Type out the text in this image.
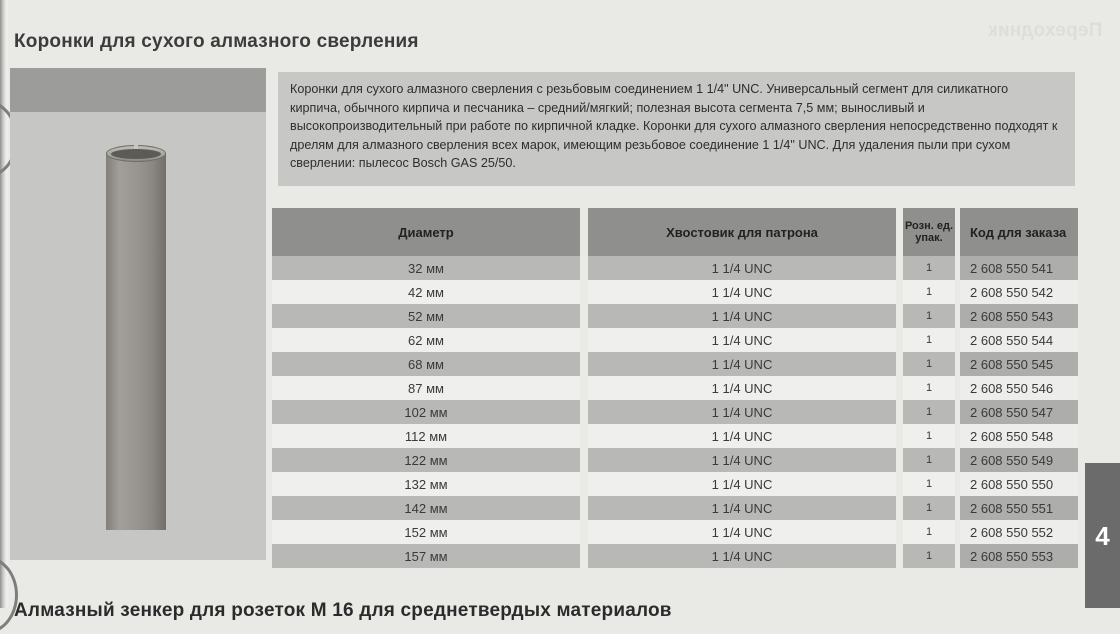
Коронки для сухого алмазного сверления
Переходник
Коронки для сухого алмазного сверления с резьбовым соединением 1 1/4" UNC. Универсальный сегмент для силикатного кирпича, обычного кирпича и песчаника – средний/мягкий; полезная высота сегмента 7,5 мм; выносливый и высокопроизводительный при работе по кирпичной кладке. Коронки для сухого алмазного сверления непосредственно подходят к дрелям для алмазного сверления всех марок, имеющим резьбовое соединение 1 1/4" UNC. Для удаления пыли при сухом сверлении: пылесос Bosch GAS 25/50.
Диаметр	Хвостовик для патрона	Розн. ед. упак.	Код для заказа
32 мм	1 1/4 UNC	1	2 608 550 541
42 мм	1 1/4 UNC	1	2 608 550 542
52 мм	1 1/4 UNC	1	2 608 550 543
62 мм	1 1/4 UNC	1	2 608 550 544
68 мм	1 1/4 UNC	1	2 608 550 545
87 мм	1 1/4 UNC	1	2 608 550 546
102 мм	1 1/4 UNC	1	2 608 550 547
112 мм	1 1/4 UNC	1	2 608 550 548
122 мм	1 1/4 UNC	1	2 608 550 549
132 мм	1 1/4 UNC	1	2 608 550 550
142 мм	1 1/4 UNC	1	2 608 550 551
152 мм	1 1/4 UNC	1	2 608 550 552
157 мм	1 1/4 UNC	1	2 608 550 553
4
Алмазный зенкер для розеток М 16 для среднетвердых материалов
